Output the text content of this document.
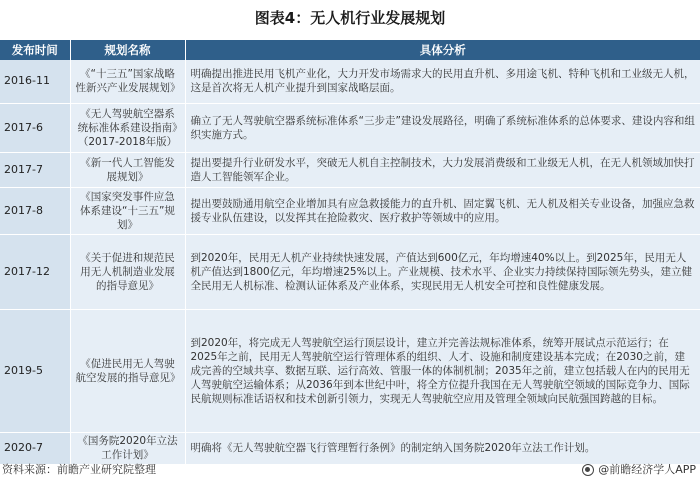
图表4：无人机行业发展规划
发布时间	规划名称	具体分析
2016-11	《“十三五”国家战略性新兴产业发展规划》	明确提出推进民用飞机产业化，大力开发市场需求大的民用直升机、多用途飞机、特种飞机和工业级无人机，这是首次将无人机产业提升到国家战略层面。
2017-6	《无人驾驶航空器系统标准体系建设指南》（2017-2018年版）	确立了无人驾驶航空器系统标准体系“三步走”建设发展路径，明确了系统标准体系的总体要求、建设内容和组织实施方式。
2017-7	《新一代人工智能发展规划》	提出要提升行业研发水平，突破无人机自主控制技术，大力发展消费级和工业级无人机，在无人机领域加快打造人工智能领军企业。
2017-8	《国家突发事件应急体系建设“十三五”规划》	提出要鼓励通用航空企业增加具有应急救援能力的直升机、固定翼飞机、无人机及相关专业设备，加强应急救援专业队伍建设，以发挥其在抢险救灾、医疗救护等领域中的应用。
2017-12	《关于促进和规范民用无人机制造业发展的指导意见》	到2020年，民用无人机产业持续快速发展，产值达到600亿元，年均增速40%以上。到2025年，民用无人机产值达到1800亿元，年均增速25%以上。产业规模、技术水平、企业实力持续保持国际领先势头，建立健全民用无人机标准、检测认证体系及产业体系，实现民用无人机安全可控和良性健康发展。
2019-5	《促进民用无人驾驶航空发展的指导意见》	到2020年，将完成无人驾驶航空运行顶层设计，建立并完善法规标准体系，统筹开展试点示范运行；在2025年之前，民用无人驾驶航空运行管理体系的组织、人才、设施和制度建设基本完成；在2030之前，建成完善的空域共享、数据互联、运行高效、管服一体的体制机制；2035年之前，建立包括载人在内的民用无人驾驶航空运输体系；从2036年到本世纪中叶，将全方位提升我国在无人驾驶航空领域的国际竞争力、国际民航规则标准话语权和技术创新引领力，实现无人驾驶航空应用及管理全领域向民航强国跨越的目标。
2020-7	《国务院2020年立法工作计划》	明确将《无人驾驶航空器飞行管理暂行条例》的制定纳入国务院2020年立法工作计划。
资料来源：前瞻产业研究院整理	@前瞻经济学人APP
